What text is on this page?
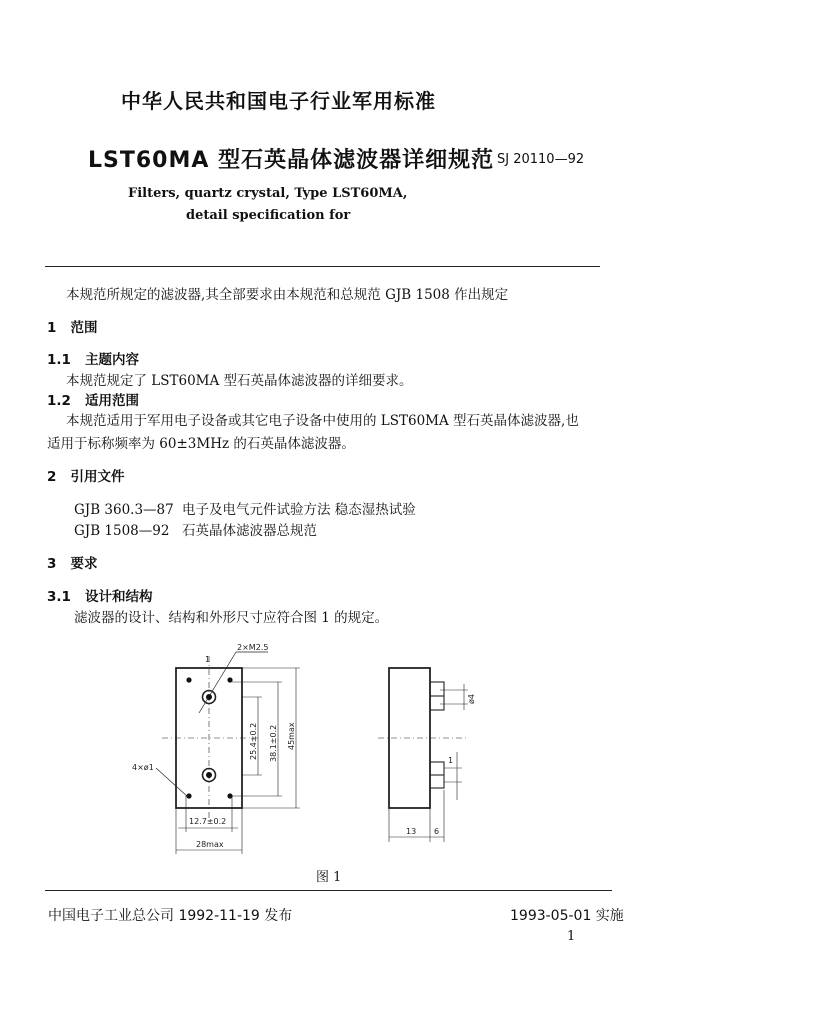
中华人民共和国电子行业军用标准
LST60MA 型石英晶体滤波器详细规范 SJ 20110—92
Filters, quartz crystal, Type LST60MA,
detail specification for
本规范所规定的滤波器,其全部要求由本规范和总规范 GJB 1508 作出规定
1 范围
1.1 主题内容
本规范规定了 LST60MA 型石英晶体滤波器的详细要求。
1.2 适用范围
本规范适用于军用电子设备或其它电子设备中使用的 LST60MA 型石英晶体滤波器,也
适用于标称频率为 60±3MHz 的石英晶体滤波器。
2 引用文件
GJB 360.3—87 电子及电气元件试验方法 稳态湿热试验
GJB 1508—92 石英晶体滤波器总规范
3 要求
3.1 设计和结构
滤波器的设计、结构和外形尺寸应符合图 1 的规定。
2×M2.5
4×ø1
12.7±0.2
28max
25.4±0.2 38.1±0.2 45max
ø4
1
1
13 6
图 1
中国电子工业总公司 1992-11-19 发布	1993-05-01 实施
1
